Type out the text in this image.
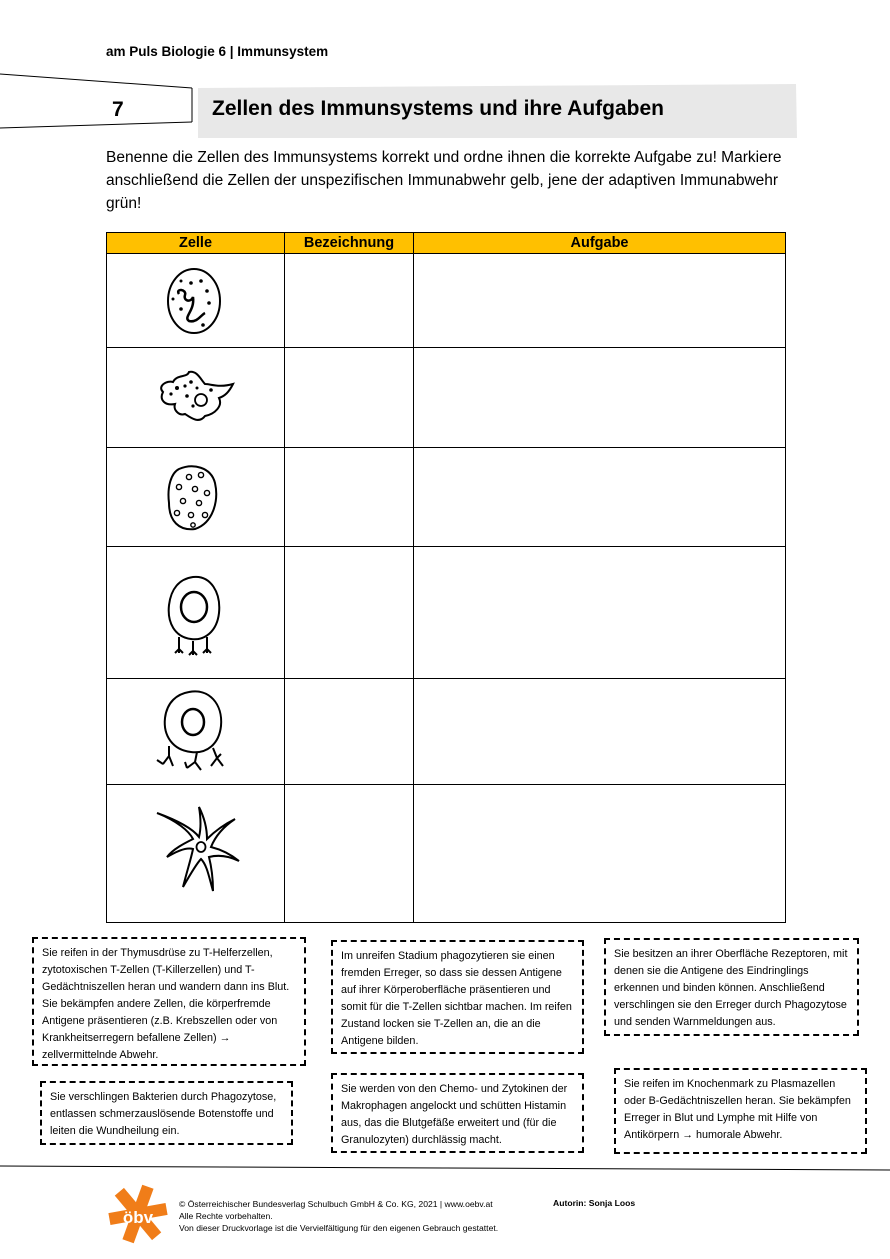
am Puls Biologie 6 | Immunsystem
7	Zellen des Immunsystems und ihre Aufgaben
Benenne die Zellen des Immunsystems korrekt und ordne ihnen die korrekte Aufgabe zu! Markiere anschließend die Zellen der unspezifischen Immunabwehr gelb, jene der adaptiven Immunabwehr grün!
Zelle	Bezeichnung	Aufgabe

Sie reifen in der Thymusdrüse zu T-Helferzellen, zytotoxischen T-Zellen (T-Killerzellen) und T-Gedächtniszellen heran und wandern dann ins Blut. Sie bekämpfen andere Zellen, die körperfremde Antigene präsentieren (z.B. Krebszellen oder von Krankheitserregern befallene Zellen) → zellvermittelnde Abwehr.
Im unreifen Stadium phagozytieren sie einen fremden Erreger, so dass sie dessen Antigene auf ihrer Körperoberfläche präsentieren und somit für die T-Zellen sichtbar machen. Im reifen Zustand locken sie T-Zellen an, die an die Antigene bilden.
Sie besitzen an ihrer Oberfläche Rezeptoren, mit denen sie die Antigene des Eindringlings erkennen und binden können. Anschließend verschlingen sie den Erreger durch Phagozytose und senden Warnmeldungen aus.
Sie verschlingen Bakterien durch Phagozytose, entlassen schmerzauslösende Botenstoffe und leiten die Wundheilung ein.
Sie werden von den Chemo- und Zytokinen der Makrophagen angelockt und schütten Histamin aus, das die Blutgefäße erweitert und (für die Granulozyten) durchlässig macht.
Sie reifen im Knochenmark zu Plasmazellen oder B-Gedächtniszellen heran. Sie bekämpfen Erreger in Blut und Lymphe mit Hilfe von Antikörpern → humorale Abwehr.
öbv
© Österreichischer Bundesverlag Schulbuch GmbH & Co. KG, 2021 | www.oebv.at
Alle Rechte vorbehalten.
Von dieser Druckvorlage ist die Vervielfältigung für den eigenen Gebrauch gestattet.
Autorin: Sonja Loos
